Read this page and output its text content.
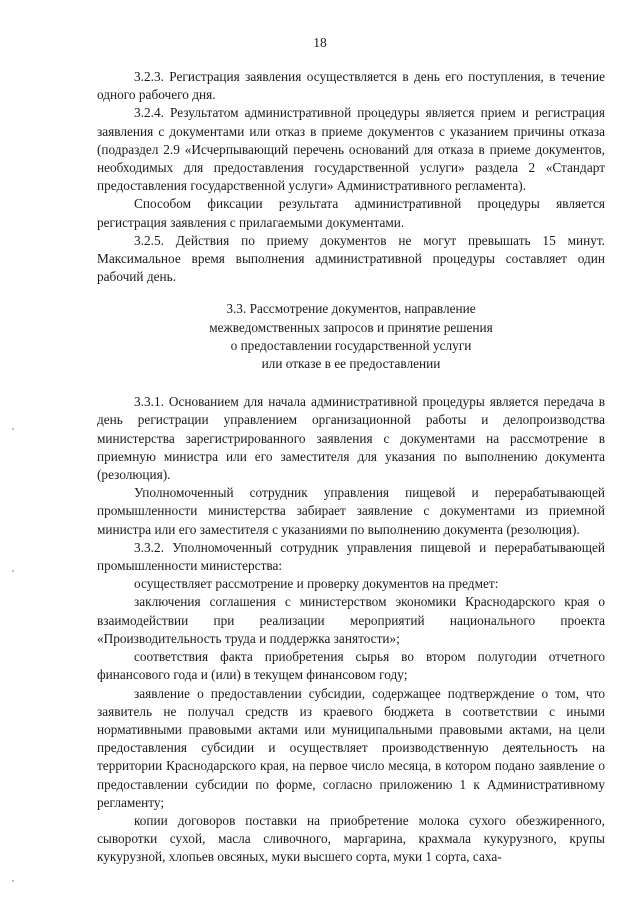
18

3.2.3. Регистрация заявления осуществляется в день его поступления, в течение одного рабочего дня.

3.2.4. Результатом административной процедуры является прием и регистрация заявления с документами или отказ в приеме документов с указанием причины отказа (подраздел 2.9 «Исчерпывающий перечень оснований для отказа в приеме документов, необходимых для предоставления государственной услуги» раздела 2 «Стандарт предоставления государственной услуги» Административного регламента).

Способом фиксации результата административной процедуры является регистрация заявления с прилагаемыми документами.

3.2.5. Действия по приему документов не могут превышать 15 минут. Максимальное время выполнения административной процедуры составляет один рабочий день.

3.3. Рассмотрение документов, направление
межведомственных запросов и принятие решения
о предоставлении государственной услуги
или отказе в ее предоставлении

3.3.1. Основанием для начала административной процедуры является передача в день регистрации управлением организационной работы и делопроизводства министерства зарегистрированного заявления с документами на рассмотрение в приемную министра или его заместителя для указания по выполнению документа (резолюция).

Уполномоченный сотрудник управления пищевой и перерабатывающей промышленности министерства забирает заявление с документами из приемной министра или его заместителя с указаниями по выполнению документа (резолюция).

3.3.2. Уполномоченный сотрудник управления пищевой и перерабатывающей промышленности министерства:

осуществляет рассмотрение и проверку документов на предмет:

заключения соглашения с министерством экономики Краснодарского края о взаимодействии при реализации мероприятий национального проекта «Производительность труда и поддержка занятости»;

соответствия факта приобретения сырья во втором полугодии отчетного финансового года и (или) в текущем финансовом году;

заявление о предоставлении субсидии, содержащее подтверждение о том, что заявитель не получал средств из краевого бюджета в соответствии с иными нормативными правовыми актами или муниципальными правовыми актами, на цели предоставления субсидии и осуществляет производственную деятельность на территории Краснодарского края, на первое число месяца, в котором подано заявление о предоставлении субсидии по форме, согласно приложению 1 к Административному регламенту;

копии договоров поставки на приобретение молока сухого обезжиренного, сыворотки сухой, масла сливочного, маргарина, крахмала кукурузного, крупы кукурузной, хлопьев овсяных, муки высшего сорта, муки 1 сорта, саха-
